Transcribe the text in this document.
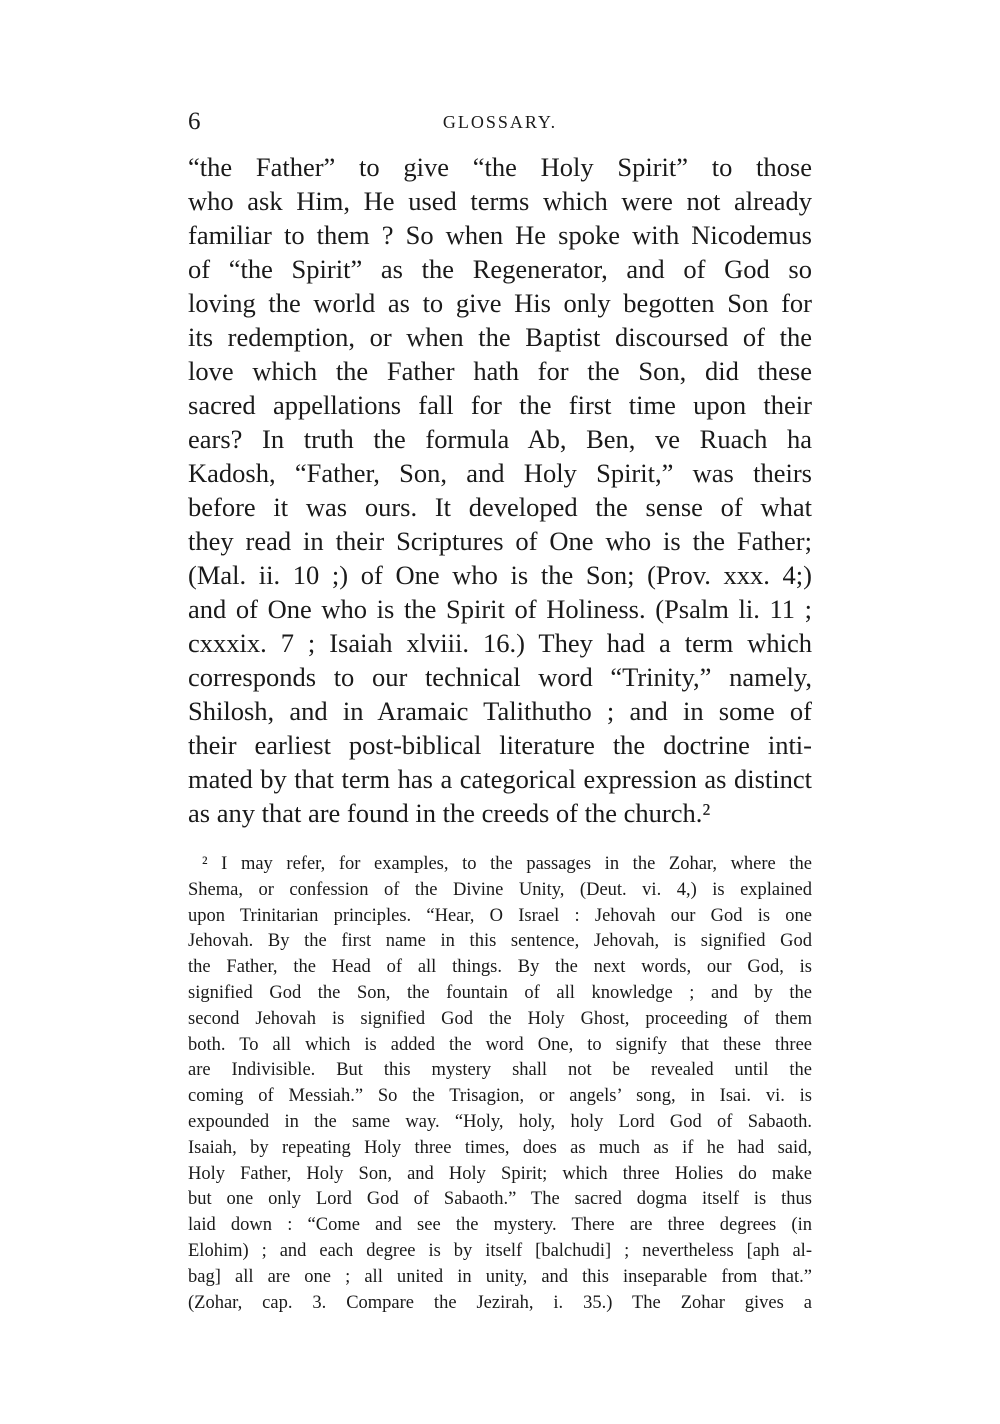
6	GLOSSARY.
“the Father” to give “the Holy Spirit” to those
who ask Him, He used terms which were not already
familiar to them ? So when He spoke with Nicodemus
of “the Spirit” as the Regenerator, and of God so
loving the world as to give His only begotten Son for
its redemption, or when the Baptist discoursed of the
love which the Father hath for the Son, did these
sacred appellations fall for the first time upon their
ears? In truth the formula Ab, Ben, ve Ruach ha
Kadosh, “Father, Son, and Holy Spirit,” was theirs
before it was ours. It developed the sense of what
they read in their Scriptures of One who is the Father;
(Mal. ii. 10 ;) of One who is the Son; (Prov. xxx. 4;)
and of One who is the Spirit of Holiness. (Psalm li. 11 ;
cxxxix. 7 ; Isaiah xlviii. 16.) They had a term which
corresponds to our technical word “Trinity,” namely,
Shilosh, and in Aramaic Talithutho ; and in some of
their earliest post-biblical literature the doctrine inti-
mated by that term has a categorical expression as distinct
as any that are found in the creeds of the church.²
² I may refer, for examples, to the passages in the Zohar, where the
Shema, or confession of the Divine Unity, (Deut. vi. 4,) is explained
upon Trinitarian principles. “Hear, O Israel : Jehovah our God is one
Jehovah. By the first name in this sentence, Jehovah, is signified God
the Father, the Head of all things. By the next words, our God, is
signified God the Son, the fountain of all knowledge ; and by the
second Jehovah is signified God the Holy Ghost, proceeding of them
both. To all which is added the word One, to signify that these three
are Indivisible. But this mystery shall not be revealed until the
coming of Messiah.” So the Trisagion, or angels’ song, in Isai. vi. is
expounded in the same way. “Holy, holy, holy Lord God of Sabaoth.
Isaiah, by repeating Holy three times, does as much as if he had said,
Holy Father, Holy Son, and Holy Spirit; which three Holies do make
but one only Lord God of Sabaoth.” The sacred dogma itself is thus
laid down : “Come and see the mystery. There are three degrees (in
Elohim) ; and each degree is by itself [balchudi] ; nevertheless [aph al-
bag] all are one ; all united in unity, and this inseparable from that.”
(Zohar, cap. 3. Compare the Jezirah, i. 35.) The Zohar gives a
